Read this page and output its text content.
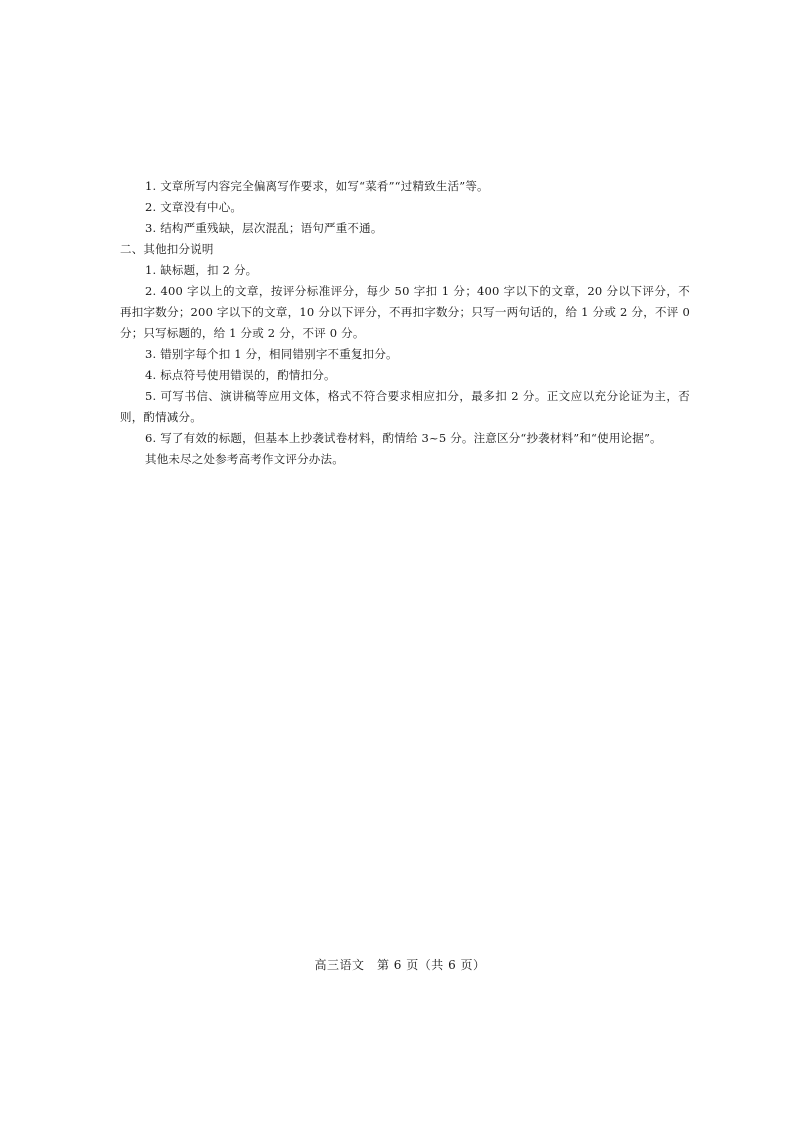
1. 文章所写内容完全偏离写作要求，如写“菜肴”“过精致生活”等。

2. 文章没有中心。

3. 结构严重残缺，层次混乱；语句严重不通。

二、其他扣分说明

1. 缺标题，扣 2 分。

2. 400 字以上的文章，按评分标准评分，每少 50 字扣 1 分；400 字以下的文章，20 分以下评分，不再扣字数分；200 字以下的文章，10 分以下评分，不再扣字数分；只写一两句话的，给 1 分或 2 分，不评 0 分；只写标题的，给 1 分或 2 分，不评 0 分。

3. 错别字每个扣 1 分，相同错别字不重复扣分。

4. 标点符号使用错误的，酌情扣分。

5. 可写书信、演讲稿等应用文体，格式不符合要求相应扣分，最多扣 2 分。正文应以充分论证为主，否则，酌情减分。

6. 写了有效的标题，但基本上抄袭试卷材料，酌情给 3~5 分。注意区分“抄袭材料”和“使用论据”。

其他未尽之处参考高考作文评分办法。

高三语文　第 6 页（共 6 页）
